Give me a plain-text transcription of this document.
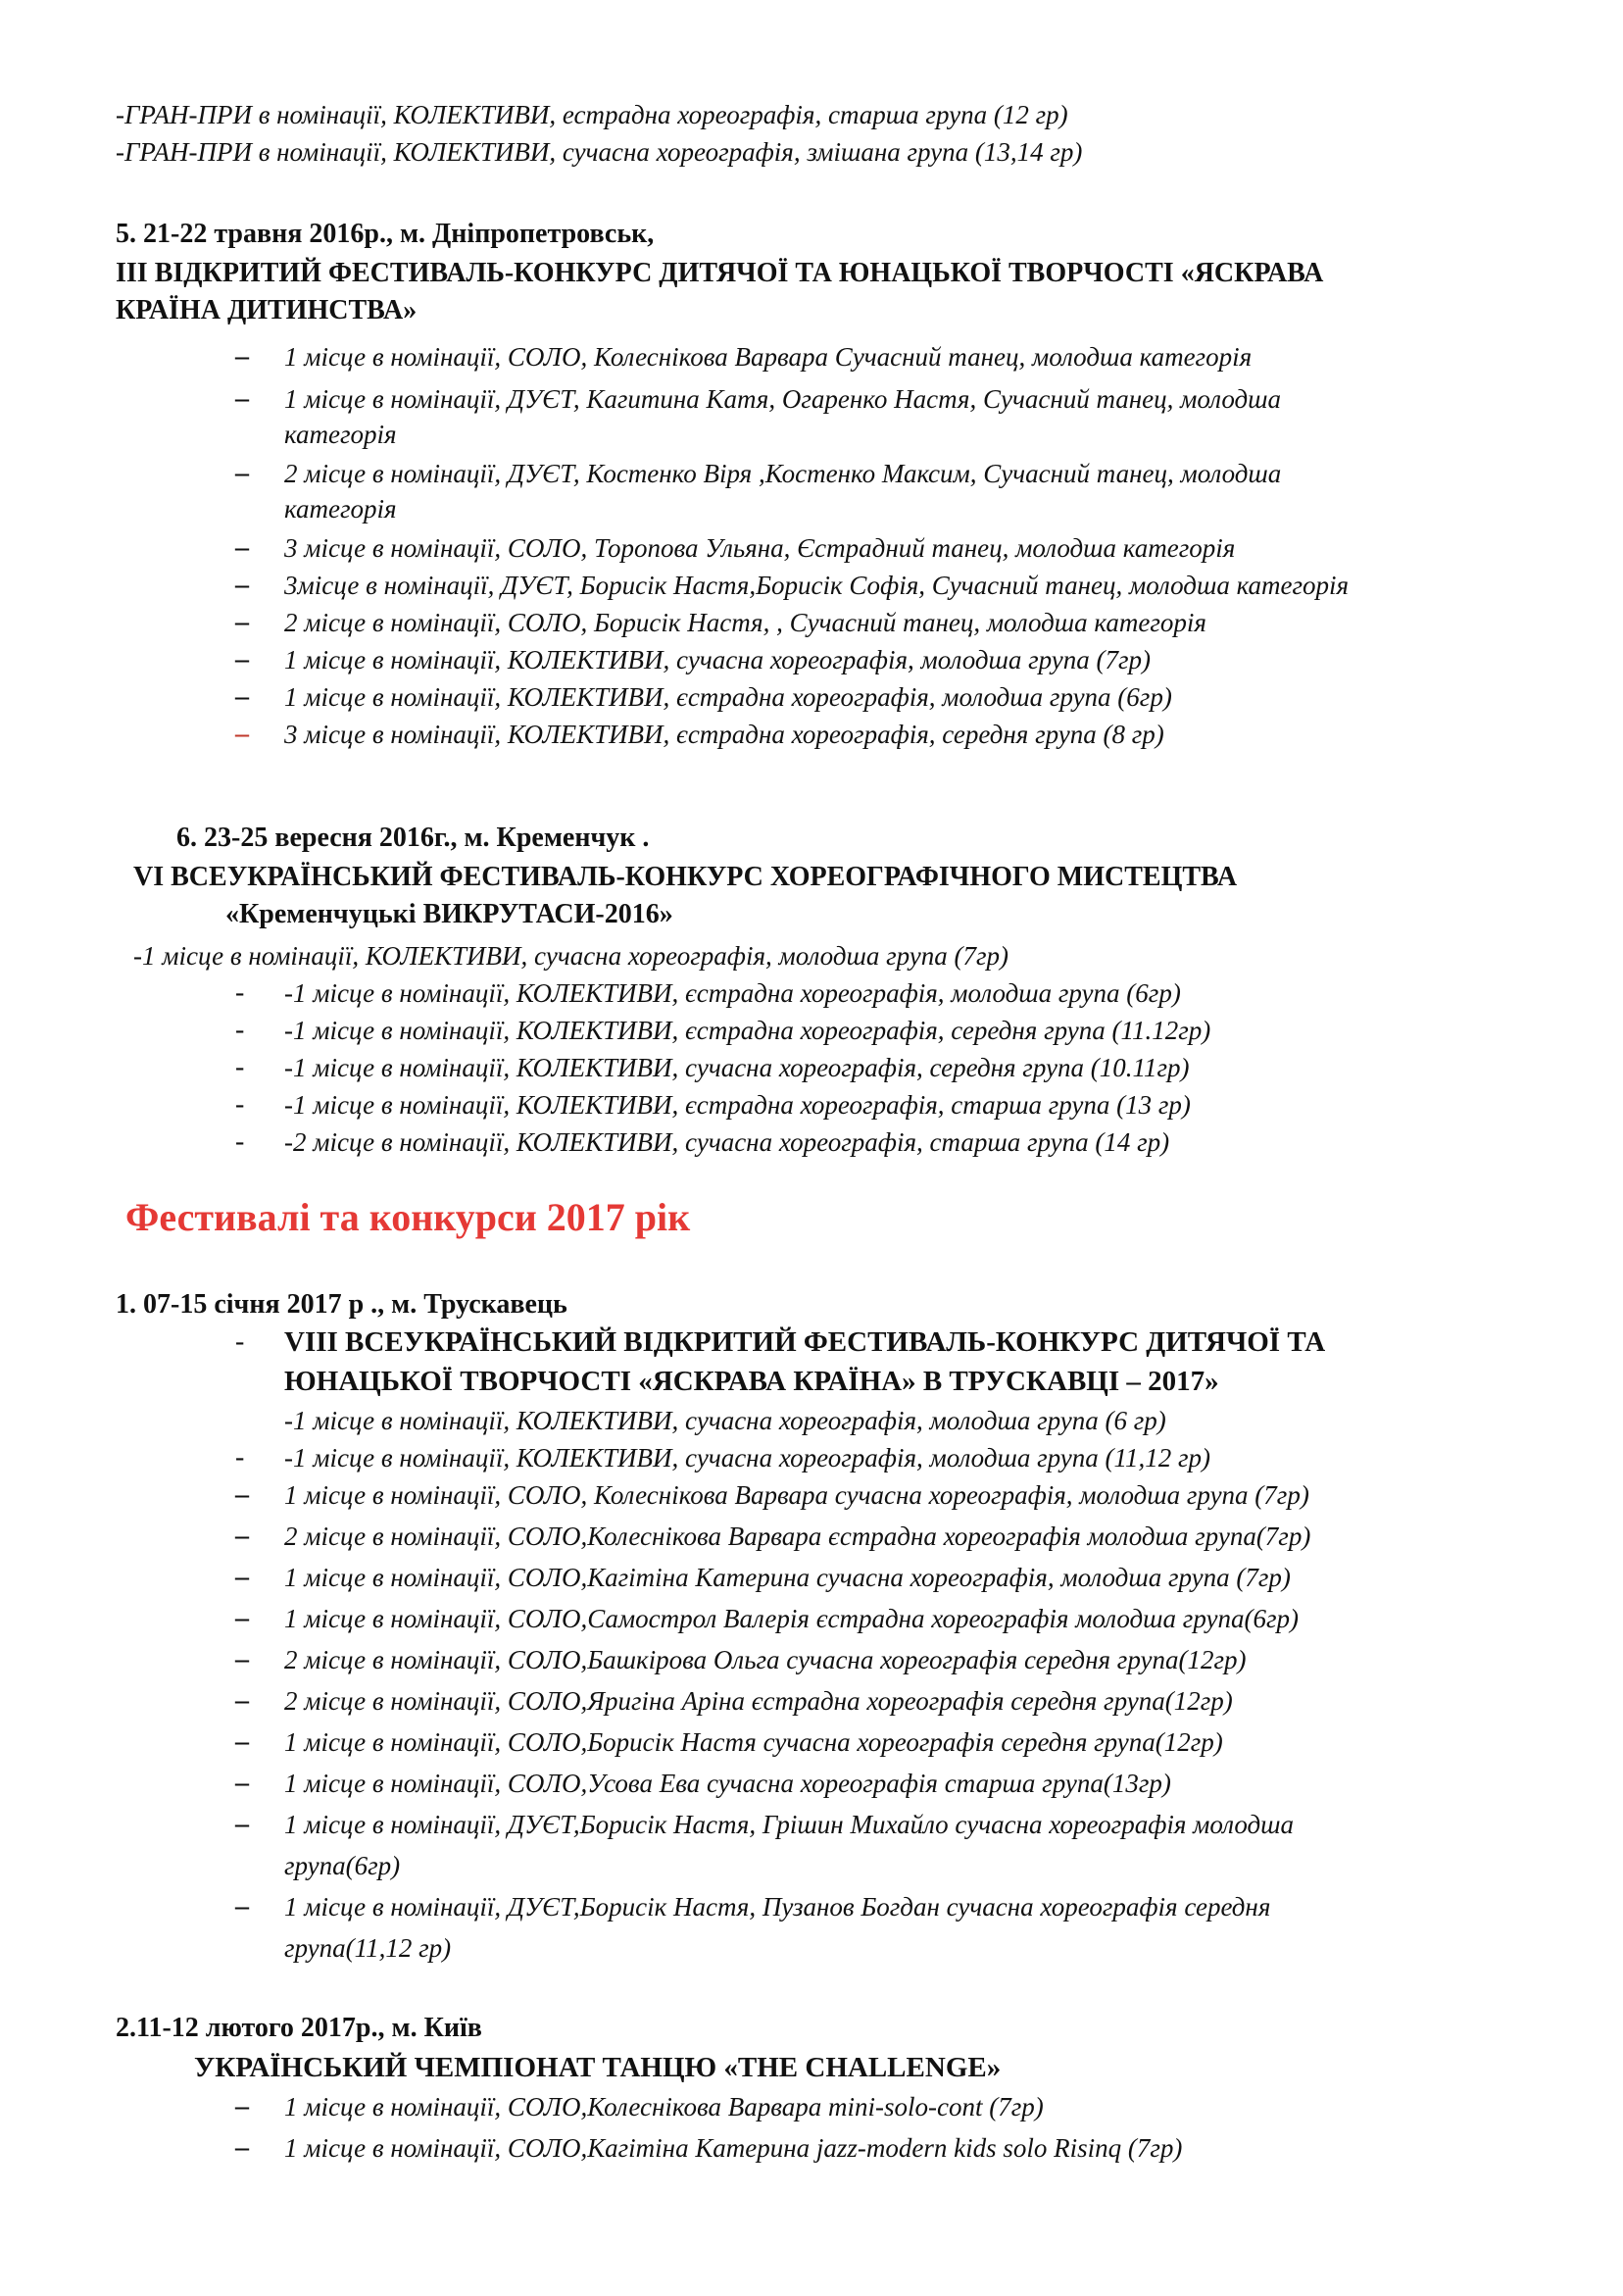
-ГРАН-ПРИ в номінації, КОЛЕКТИВИ, естрадна хореографія, старша група (12 гр)
-ГРАН-ПРИ в номінації, КОЛЕКТИВИ, сучасна хореографія, змішана група (13,14 гр)
5. 21-22 травня 2016р., м. Дніпропетровськ,
ІІІ ВІДКРИТИЙ ФЕСТИВАЛЬ-КОНКУРС ДИТЯЧОЇ ТА ЮНАЦЬКОЇ ТВОРЧОСТІ «ЯСКРАВА
КРАЇНА ДИТИНСТВА»
– 1 місце в номінації, СОЛО, Колеснікова Варвара Сучасний танец, молодша категорія
– 1 місце в номінації, ДУЄТ, Кагитина Катя, Огаренко Настя, Сучасний танец, молодша
категорія
– 2 місце в номінації, ДУЄТ, Костенко Віря ,Костенко Максим, Сучасний танец, молодша
категорія
– 3 місце в номінації, СОЛО, Торопова Ульяна, Єстрадний танец, молодша категорія
– 3місце в номінації, ДУЄТ, Борисік Настя,Борисік Софія, Сучасний танец, молодша категорія
– 2 місце в номінації, СОЛО, Борисік Настя, , Сучасний танец, молодша категорія
– 1 місце в номінації, КОЛЕКТИВИ, сучасна хореографія, молодша група (7гр)
– 1 місце в номінації, КОЛЕКТИВИ, єстрадна хореографія, молодша група (6гр)
– 3 місце в номінації, КОЛЕКТИВИ, єстрадна хореографія, середня група (8 гр)
6. 23-25 вересня 2016г., м. Кременчук .
VI ВСЕУКРАЇНСЬКИЙ ФЕСТИВАЛЬ-КОНКУРС ХОРЕОГРАФІЧНОГО МИСТЕЦТВА
«Кременчуцькі ВИКРУТАСИ-2016»
-1 місце в номінації, КОЛЕКТИВИ, сучасна хореографія, молодша група (7гр)
- -1 місце в номінації, КОЛЕКТИВИ, єстрадна хореографія, молодша група (6гр)
- -1 місце в номінації, КОЛЕКТИВИ, єстрадна хореографія, середня група (11.12гр)
- -1 місце в номінації, КОЛЕКТИВИ, сучасна хореографія, середня група (10.11гр)
- -1 місце в номінації, КОЛЕКТИВИ, єстрадна хореографія, старша група (13 гр)
- -2 місце в номінації, КОЛЕКТИВИ, сучасна хореографія, старша група (14 гр)
Фестивалі та конкурси 2017 рік
1. 07-15 січня 2017 р ., м. Трускавець
- VIII ВСЕУКРАЇНСЬКИЙ ВІДКРИТИЙ ФЕСТИВАЛЬ-КОНКУРС ДИТЯЧОЇ ТА
ЮНАЦЬКОЇ ТВОРЧОСТІ «ЯСКРАВА КРАЇНА» В ТРУСКАВЦІ – 2017»
-1 місце в номінації, КОЛЕКТИВИ, сучасна хореографія, молодша група (6 гр)
- -1 місце в номінації, КОЛЕКТИВИ, сучасна хореографія, молодша група (11,12 гр)
– 1 місце в номінації, СОЛО, Колеснікова Варвара сучасна хореографія, молодша група (7гр)
– 2 місце в номінації, СОЛО,Колеснікова Варвара єстрадна хореографія молодша група(7гр)
– 1 місце в номінації, СОЛО,Кагітіна Катерина сучасна хореографія, молодша група (7гр)
– 1 місце в номінації, СОЛО,Самострол Валерія єстрадна хореографія молодша група(6гр)
– 2 місце в номінації, СОЛО,Башкірова Ольга сучасна хореографія середня група(12гр)
– 2 місце в номінації, СОЛО,Яригіна Аріна єстрадна хореографія середня група(12гр)
– 1 місце в номінації, СОЛО,Борисік Настя сучасна хореографія середня група(12гр)
– 1 місце в номінації, СОЛО,Усова Ева сучасна хореографія старша група(13гр)
– 1 місце в номінації, ДУЄТ,Борисік Настя, Грішин Михайло сучасна хореографія молодша
група(6гр)
– 1 місце в номінації, ДУЄТ,Борисік Настя, Пузанов Богдан сучасна хореографія середня
група(11,12 гр)
2.11-12 лютого 2017р., м. Київ
УКРАЇНСЬКИЙ ЧЕМПІОНАТ ТАНЦЮ «THE CHALLENGE»
– 1 місце в номінації, СОЛО,Колеснікова Варвара mini-solo-cont (7гр)
– 1 місце в номінації, СОЛО,Кагітіна Катерина jazz-modern kids solo Risinq (7гр)
